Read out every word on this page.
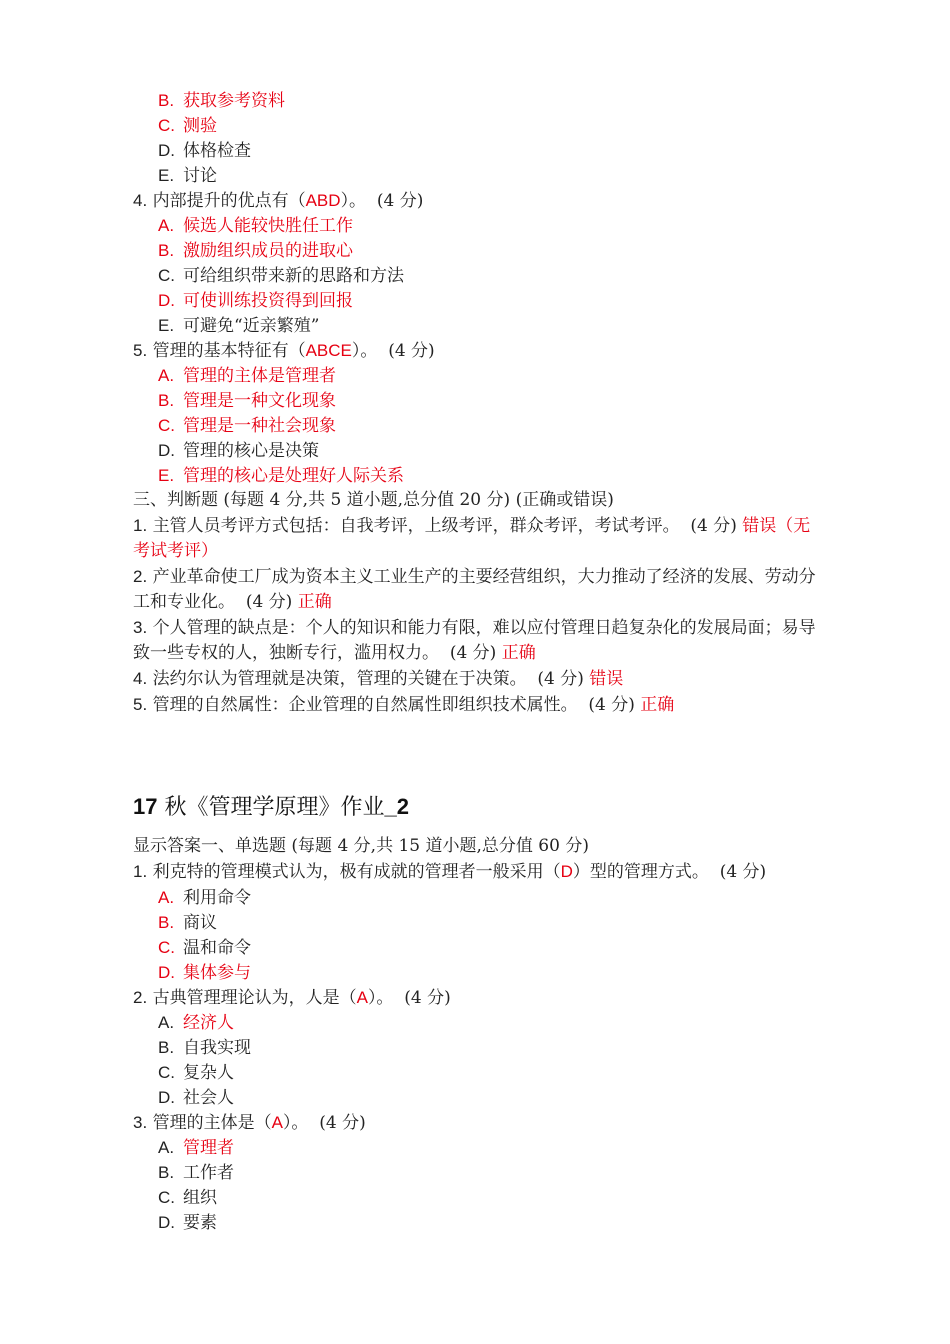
B. 获取参考资料
C. 测验
D. 体格检查
E. 讨论
4. 内部提升的优点有（ABD）。 (4 分)
A. 候选人能较快胜任工作
B. 激励组织成员的进取心
C. 可给组织带来新的思路和方法
D. 可使训练投资得到回报
E. 可避免“近亲繁殖”
5. 管理的基本特征有（ABCE）。 (4 分)
A. 管理的主体是管理者
B. 管理是一种文化现象
C. 管理是一种社会现象
D. 管理的核心是决策
E. 管理的核心是处理好人际关系
三、判断题 (每题 4 分,共 5 道小题,总分值 20 分) (正确或错误)
1. 主管人员考评方式包括：自我考评，上级考评，群众考评，考试考评。 (4 分) 错误（无考试考评）
2. 产业革命使工厂成为资本主义工业生产的主要经营组织，大力推动了经济的发展、劳动分工和专业化。 (4 分) 正确
3. 个人管理的缺点是：个人的知识和能力有限，难以应付管理日趋复杂化的发展局面；易导致一些专权的人，独断专行，滥用权力。 (4 分) 正确
4. 法约尔认为管理就是决策，管理的关键在于决策。 (4 分) 错误
5. 管理的自然属性：企业管理的自然属性即组织技术属性。 (4 分) 正确
17 秋《管理学原理》作业_2
显示答案一、单选题 (每题 4 分,共 15 道小题,总分值 60 分)
1. 利克特的管理模式认为，极有成就的管理者一般采用（D）型的管理方式。 (4 分)
A. 利用命令
B. 商议
C. 温和命令
D. 集体参与
2. 古典管理理论认为，人是（A）。 (4 分)
A. 经济人
B. 自我实现
C. 复杂人
D. 社会人
3. 管理的主体是（A）。 (4 分)
A. 管理者
B. 工作者
C. 组织
D. 要素
